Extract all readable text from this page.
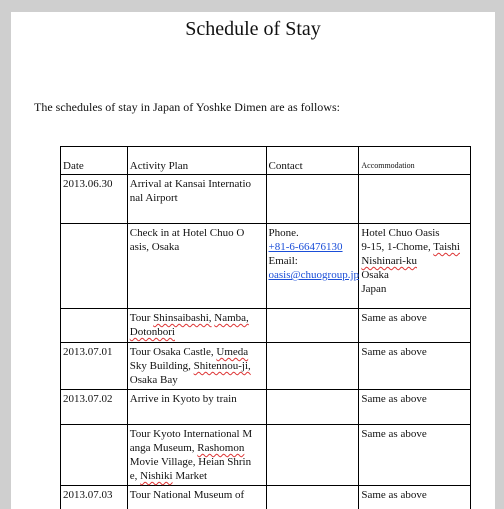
Schedule of Stay
The schedules of stay in Japan of Yoshke Dimen are as follows:
Date	Activity Plan	Contact	Accommodation
2013.06.30	Arrival at Kansai Internatio
nal Airport		

	Check in at Hotel Chuo O
asis, Osaka	Phone.
+81-6-66476130
Email:
oasis@chuogroup.jp	Hotel Chuo Oasis
9-15, 1-Chome, Taishi
Nishinari-ku
Osaka
Japan

	Tour Shinsaibashi, Namba,
Dotonbori		Same as above

2013.07.01	Tour Osaka Castle, Umeda
Sky Building, Shitennou-ji,
Osaka Bay		Same as above

2013.07.02	Arrive in Kyoto by train		Same as above

	Tour Kyoto International M
anga Museum, Rashomon
Movie Village, Heian Shrin
e, Nishiki Market		Same as above

2013.07.03	Tour National Museum of		Same as above
